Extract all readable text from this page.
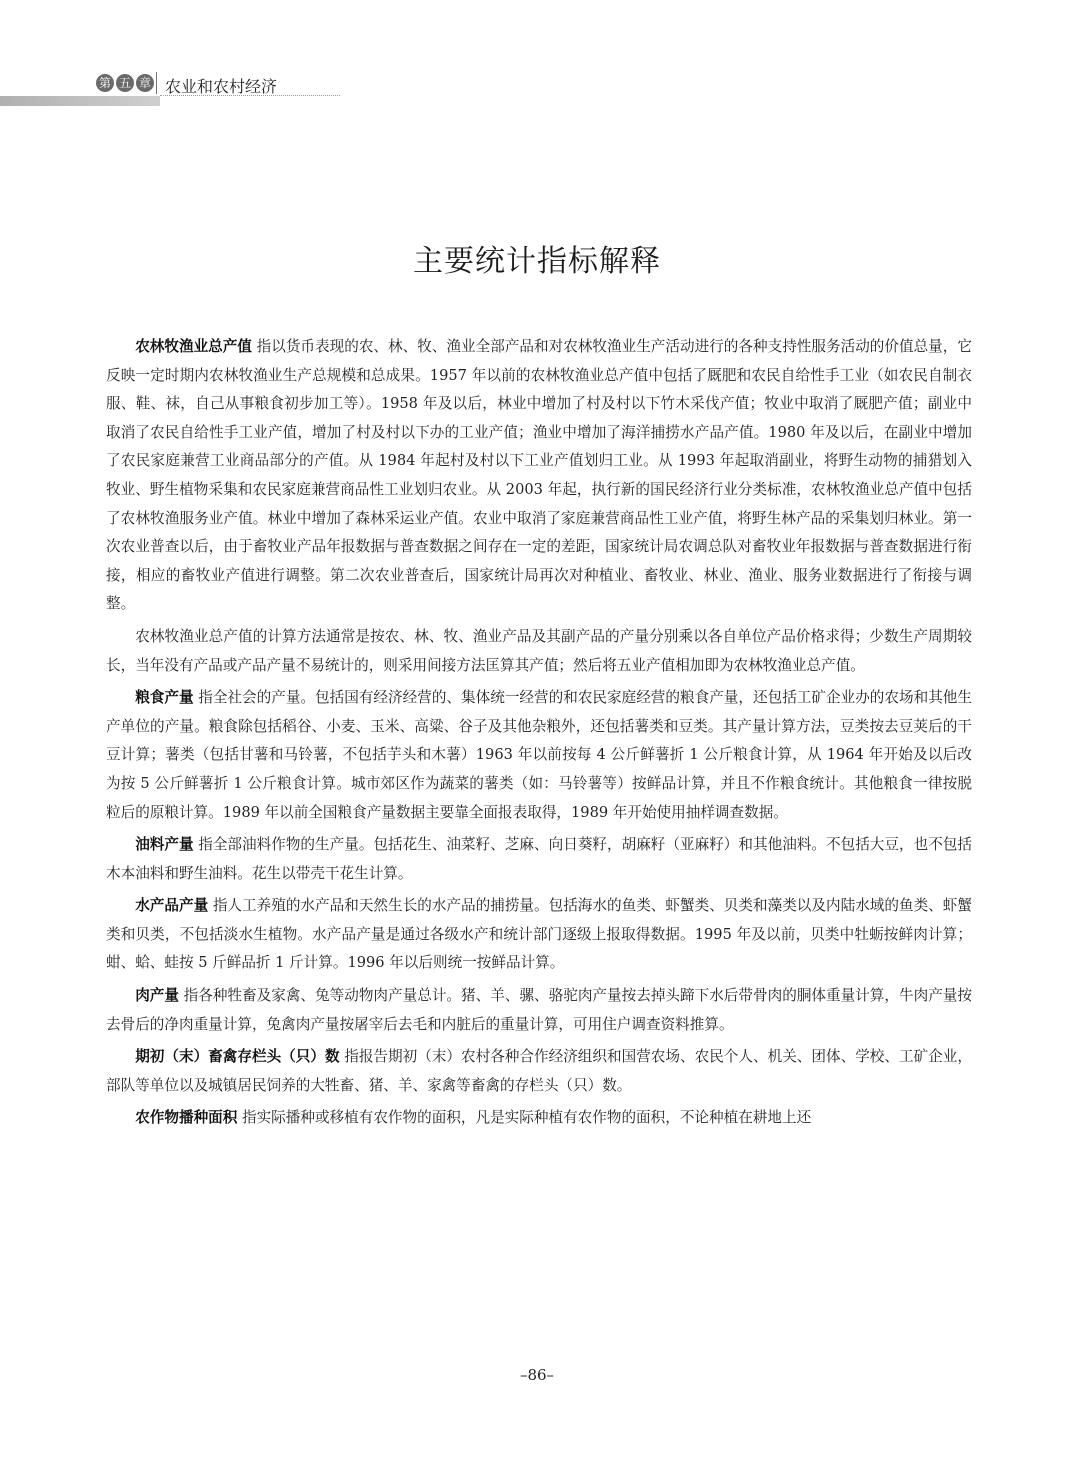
第 五 章 农业和农村经济
主要统计指标解释

农林牧渔业总产值 指以货币表现的农、林、牧、渔业全部产品和对农林牧渔业生产活动进行的各种支持性服务活动的价值总量，它反映一定时期内农林牧渔业生产总规模和总成果。1957 年以前的农林牧渔业总产值中包括了厩肥和农民自给性手工业（如农民自制衣服、鞋、袜，自己从事粮食初步加工等）。1958 年及以后，林业中增加了村及村以下竹木采伐产值；牧业中取消了厩肥产值；副业中取消了农民自给性手工业产值，增加了村及村以下办的工业产值；渔业中增加了海洋捕捞水产品产值。1980 年及以后，在副业中增加了农民家庭兼营工业商品部分的产值。从 1984 年起村及村以下工业产值划归工业。从 1993 年起取消副业，将野生动物的捕猎划入牧业、野生植物采集和农民家庭兼营商品性工业划归农业。从 2003 年起，执行新的国民经济行业分类标准，农林牧渔业总产值中包括了农林牧渔服务业产值。林业中增加了森林采运业产值。农业中取消了家庭兼营商品性工业产值，将野生林产品的采集划归林业。第一次农业普查以后，由于畜牧业产品年报数据与普查数据之间存在一定的差距，国家统计局农调总队对畜牧业年报数据与普查数据进行衔接，相应的畜牧业产值进行调整。第二次农业普查后，国家统计局再次对种植业、畜牧业、林业、渔业、服务业数据进行了衔接与调整。

农林牧渔业总产值的计算方法通常是按农、林、牧、渔业产品及其副产品的产量分别乘以各自单位产品价格求得；少数生产周期较长，当年没有产品或产品产量不易统计的，则采用间接方法匡算其产值；然后将五业产值相加即为农林牧渔业总产值。

粮食产量 指全社会的产量。包括国有经济经营的、集体统一经营的和农民家庭经营的粮食产量，还包括工矿企业办的农场和其他生产单位的产量。粮食除包括稻谷、小麦、玉米、高粱、谷子及其他杂粮外，还包括薯类和豆类。其产量计算方法，豆类按去豆荚后的干豆计算；薯类（包括甘薯和马铃薯，不包括芋头和木薯）1963 年以前按每 4 公斤鲜薯折 1 公斤粮食计算，从 1964 年开始及以后改为按 5 公斤鲜薯折 1 公斤粮食计算。城市郊区作为蔬菜的薯类（如：马铃薯等）按鲜品计算，并且不作粮食统计。其他粮食一律按脱粒后的原粮计算。1989 年以前全国粮食产量数据主要靠全面报表取得，1989 年开始使用抽样调查数据。

油料产量 指全部油料作物的生产量。包括花生、油菜籽、芝麻、向日葵籽，胡麻籽（亚麻籽）和其他油料。不包括大豆，也不包括木本油料和野生油料。花生以带壳干花生计算。

水产品产量 指人工养殖的水产品和天然生长的水产品的捕捞量。包括海水的鱼类、虾蟹类、贝类和藻类以及内陆水域的鱼类、虾蟹类和贝类，不包括淡水生植物。水产品产量是通过各级水产和统计部门逐级上报取得数据。1995 年及以前，贝类中牡蛎按鲜肉计算；蚶、蛤、蛙按 5 斤鲜品折 1 斤计算。1996 年以后则统一按鲜品计算。

肉产量 指各种牲畜及家禽、兔等动物肉产量总计。猪、羊、骡、骆驼肉产量按去掉头蹄下水后带骨肉的胴体重量计算，牛肉产量按去骨后的净肉重量计算，兔禽肉产量按屠宰后去毛和内脏后的重量计算，可用住户调查资料推算。

期初（末）畜禽存栏头（只）数 指报告期初（末）农村各种合作经济组织和国营农场、农民个人、机关、团体、学校、工矿企业，部队等单位以及城镇居民饲养的大牲畜、猪、羊、家禽等畜禽的存栏头（只）数。

农作物播种面积 指实际播种或移植有农作物的面积，凡是实际种植有农作物的面积，不论种植在耕地上还

–86–
